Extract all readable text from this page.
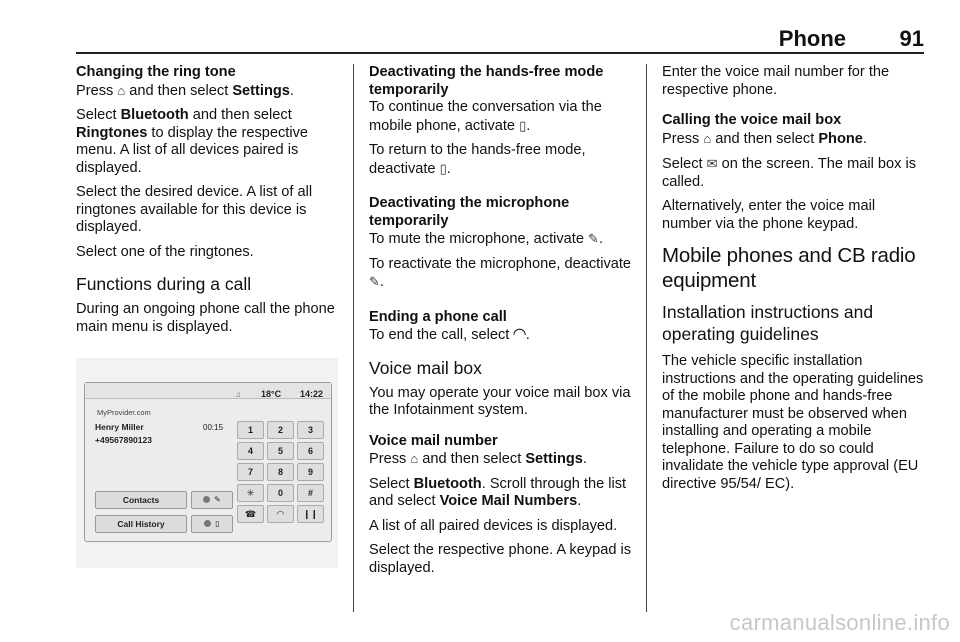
Phone 91
Changing the ring tone

Press ⌂ and then select Settings.

Select Bluetooth and then select Ringtones to display the respective menu. A list of all devices paired is displayed.

Select the desired device. A list of all ringtones available for this device is displayed.

Select one of the ringtones.

Functions during a call

During an ongoing phone call the phone main menu is displayed.

♫ 18°C 14:22
MyProvider.com
Henry Miller
+49567890123
00:15	1	2	3
4	5	6
7	8	9
✳	0	#
☎	◠	❙❙
Contacts
Call History
✎
▯
Deactivating the hands-free mode temporarily

To continue the conversation via the mobile phone, activate ▯.

To return to the hands-free mode, deactivate ▯.

Deactivating the microphone temporarily

To mute the microphone, activate ✎.

To reactivate the microphone, deactivate ✎.

Ending a phone call

To end the call, select ◠.

Voice mail box

You may operate your voice mail box via the Infotainment system.

Voice mail number

Press ⌂ and then select Settings.

Select Bluetooth. Scroll through the list and select Voice Mail Numbers.

A list of all paired devices is displayed.

Select the respective phone. A keypad is displayed.

Enter the voice mail number for the respective phone.

Calling the voice mail box

Press ⌂ and then select Phone.

Select ✉ on the screen. The mail box is called.

Alternatively, enter the voice mail number via the phone keypad.

Mobile phones and CB radio equipment
Installation instructions and operating guidelines

The vehicle specific installation instructions and the operating guidelines of the mobile phone and hands-free manufacturer must be observed when installing and operating a mobile telephone. Failure to do so could invalidate the vehicle type approval (EU directive 95/54/ EC).

carmanualsonline.info
